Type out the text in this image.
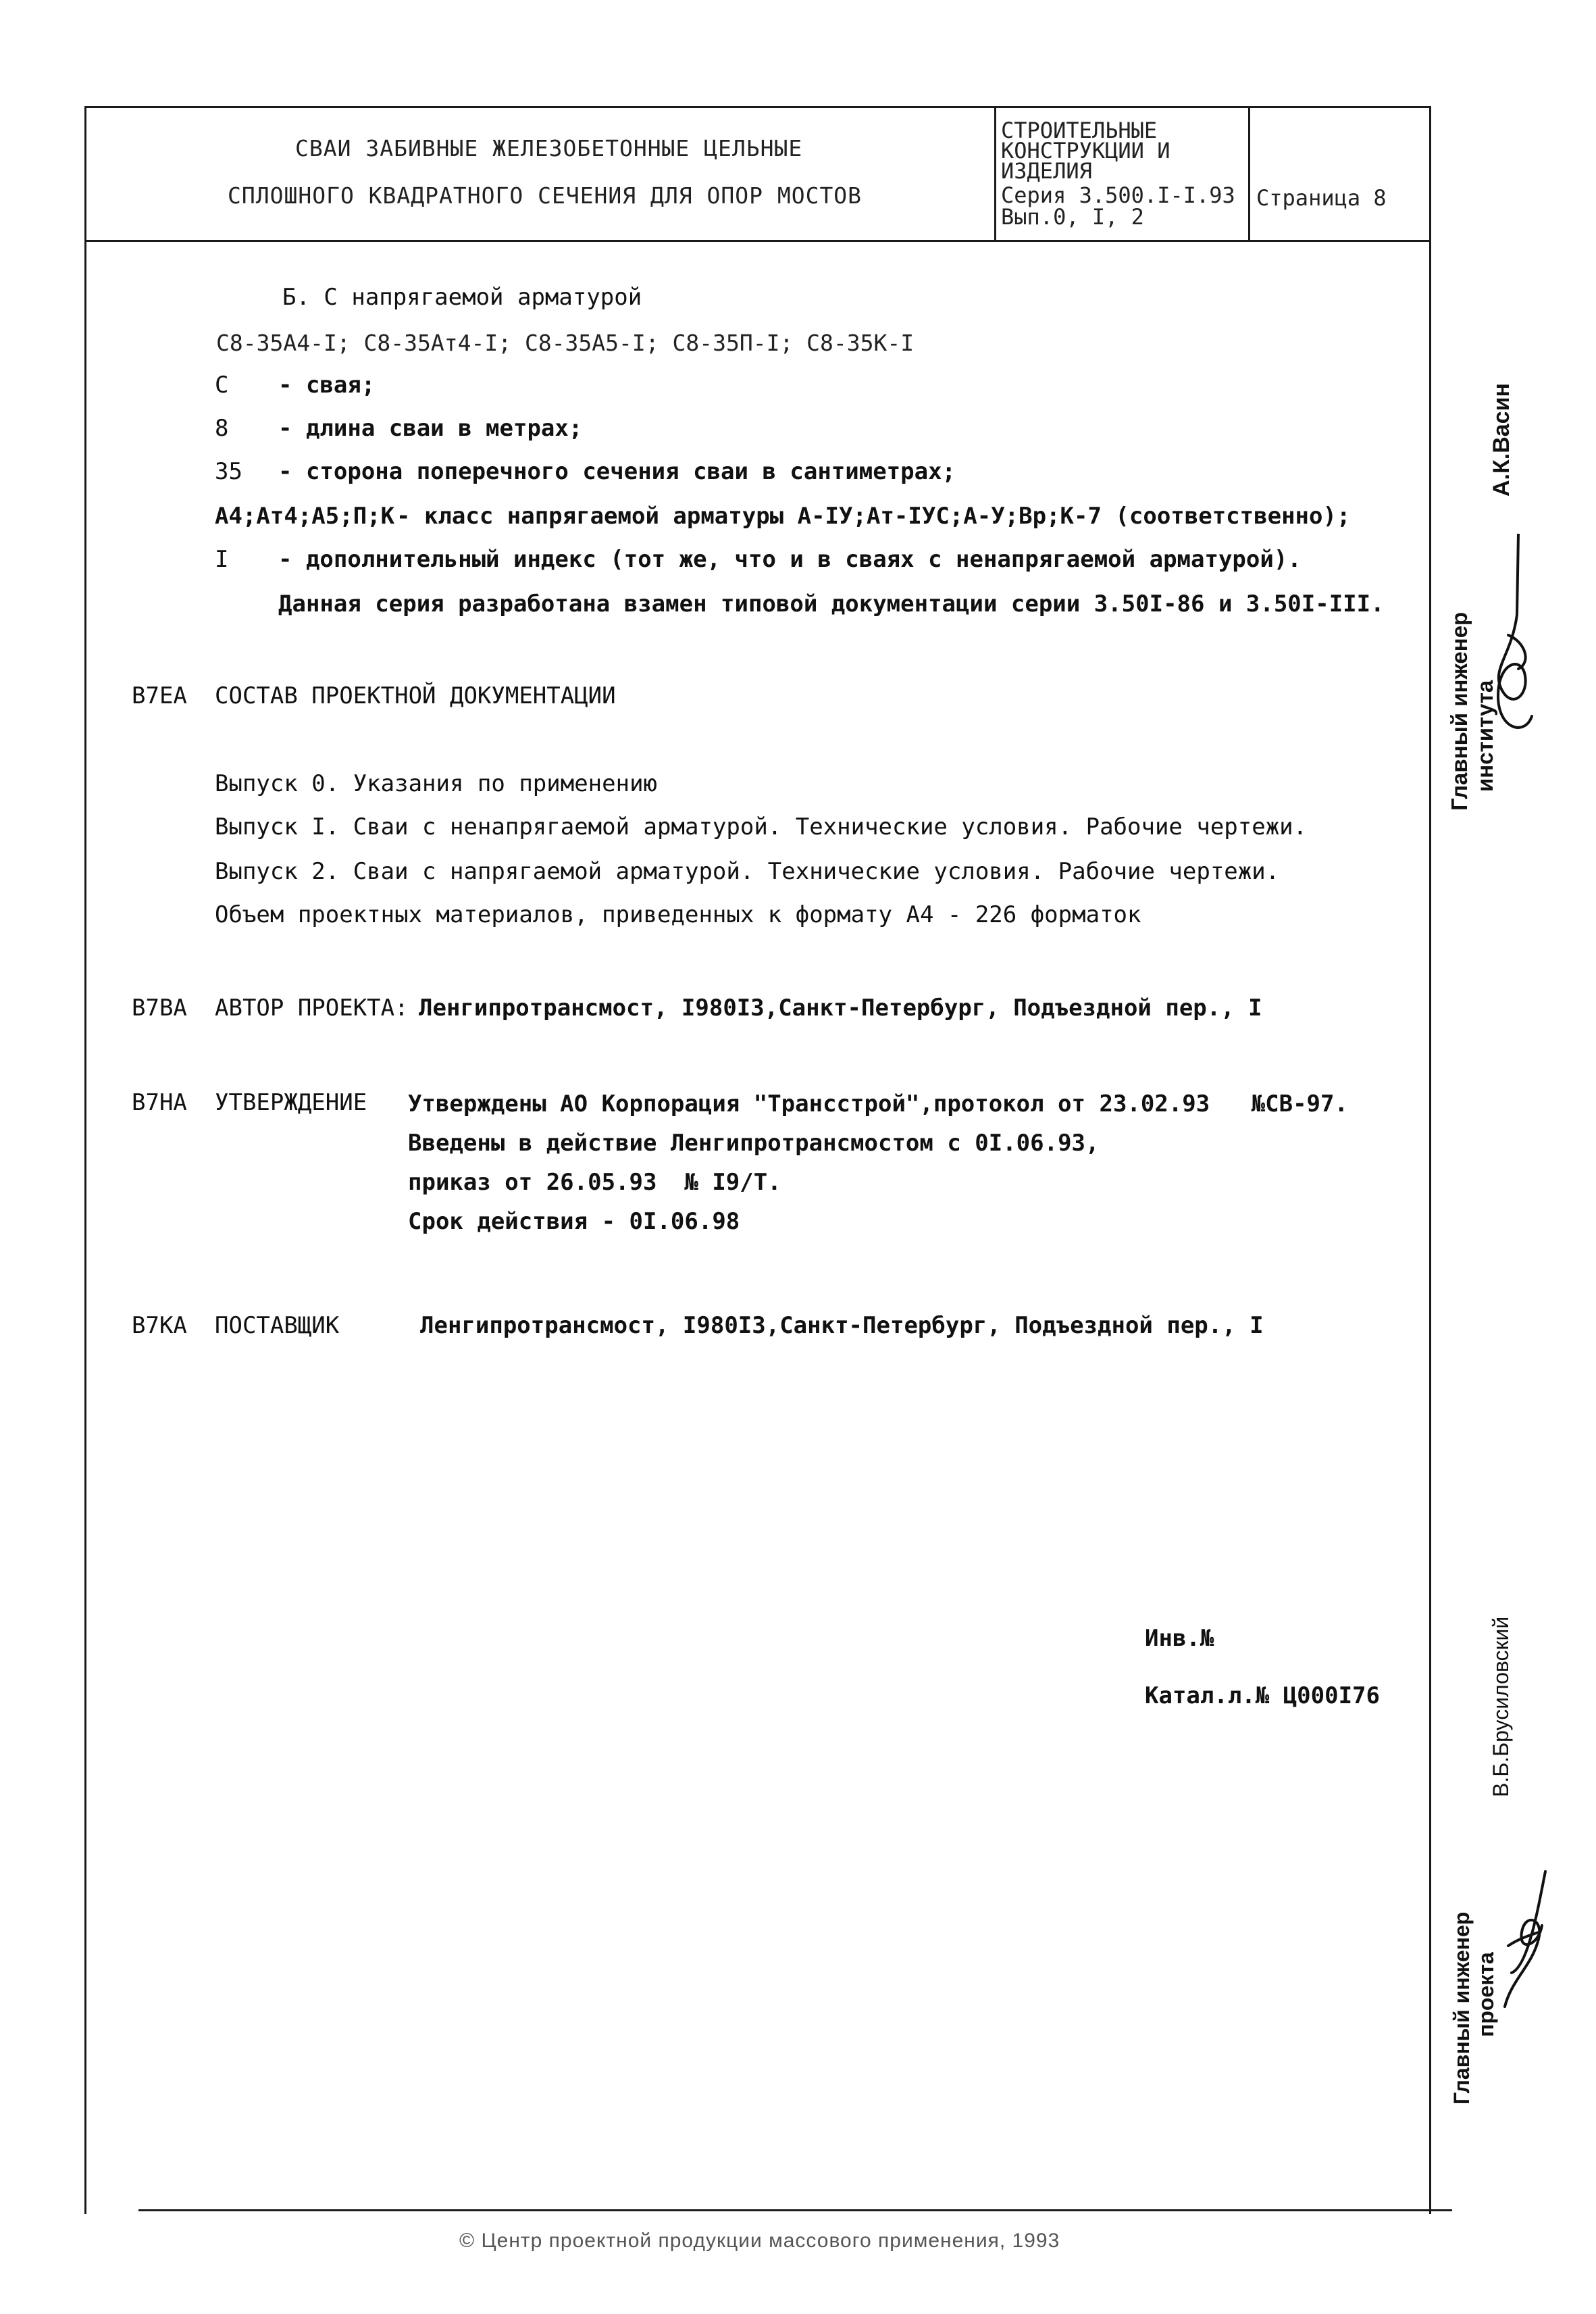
СВАИ ЗАБИВНЫЕ ЖЕЛЕЗОБЕТОННЫЕ ЦЕЛЬНЫЕ
СПЛОШНОГО КВАДРАТНОГО СЕЧЕНИЯ ДЛЯ ОПОР МОСТОВ
СТРОИТЕЛЬНЫЕ
КОНСТРУКЦИИ И
ИЗДЕЛИЯ
Серия 3.500.I-I.93
Вып.0, I, 2
Страница 8
Б. С напрягаемой арматурой
С8-35А4-I; С8-35Ат4-I; С8-35А5-I; С8-35П-I; С8-35К-I
С - свая;
8 - длина сваи в метрах;
35 - сторона поперечного сечения сваи в сантиметрах;
А4;Ат4;А5;П;К - класс напрягаемой арматуры А-IУ;Ат-IУС;А-У;Вр;К-7 (соответственно);
I - дополнительный индекс (тот же, что и в сваях с ненапрягаемой арматурой).
Данная серия разработана взамен типовой документации серии 3.50I-86 и 3.50I-III.
В7ЕА СОСТАВ ПРОЕКТНОЙ ДОКУМЕНТАЦИИ
Выпуск 0. Указания по применению
Выпуск I. Сваи с ненапрягаемой арматурой. Технические условия. Рабочие чертежи.
Выпуск 2. Сваи с напрягаемой арматурой. Технические условия. Рабочие чертежи.
Объем проектных материалов, приведенных к формату А4 - 226 форматок
В7ВА АВТОР ПРОЕКТА: Ленгипротрансмост, I980I3,Санкт-Петербург, Подъездной пер., I
В7НА УТВЕРЖДЕНИЕ Утверждены АО Корпорация "Трансстрой",протокол от 23.02.93   №СВ-97.
Введены в действие Ленгипротрансмостом с 0I.06.93,
приказ от 26.05.93  № I9/Т.
Срок действия - 0I.06.98
В7КА ПОСТАВЩИК	Ленгипротрансмост, I980I3,Санкт-Петербург, Подъездной пер., I
Инв.№
Катал.л.№ Ц000I76
Главный инженер института
А.К.Васин
Главный инженер проекта
В.Б.Брусиловский
© Центр проектной продукции массового применения, 1993
